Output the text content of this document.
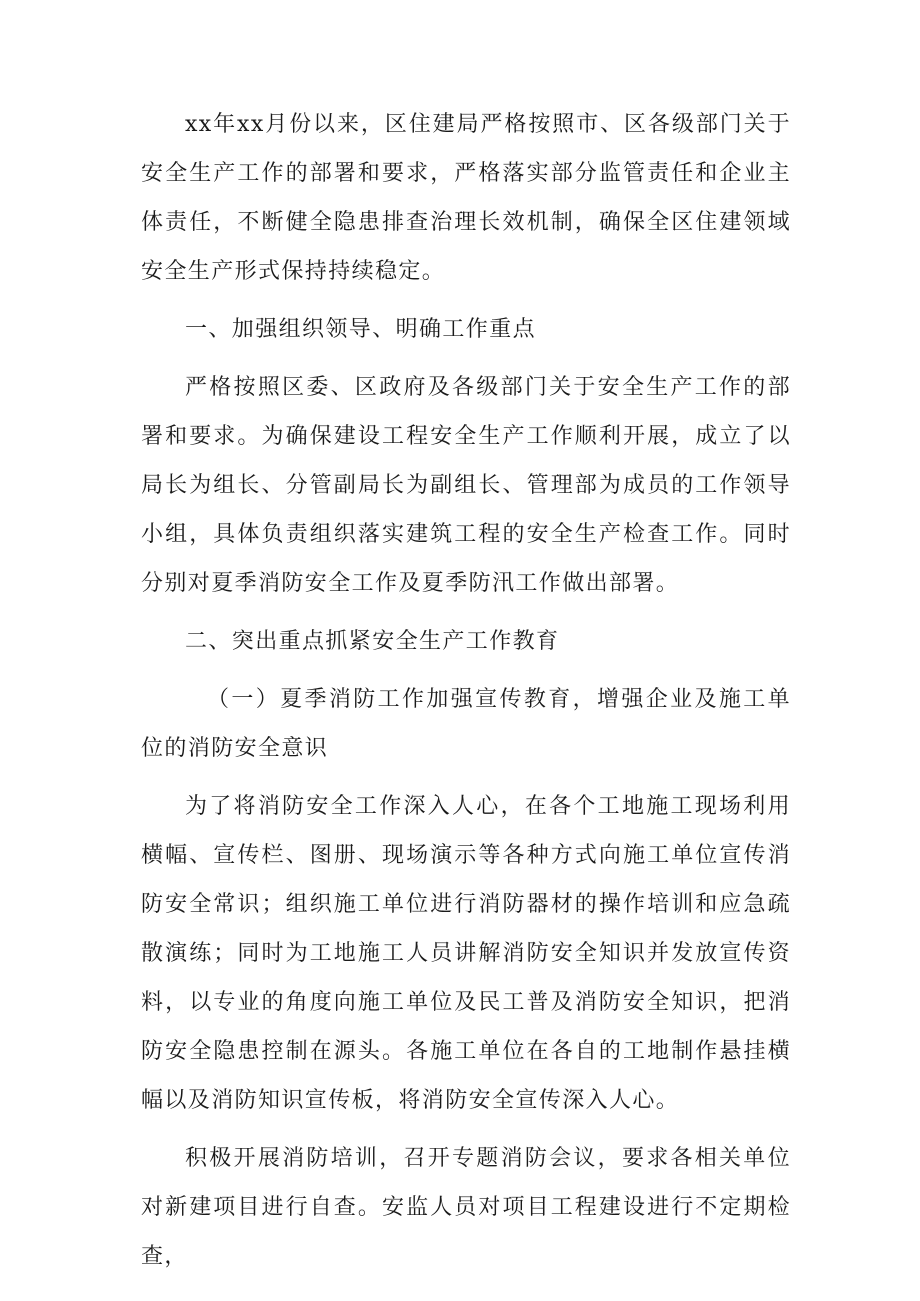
xx年xx月份以来，区住建局严格按照市、区各级部门关于安全生产工作的部署和要求，严格落实部分监管责任和企业主体责任，不断健全隐患排查治理长效机制，确保全区住建领域安全生产形式保持持续稳定。

一、加强组织领导、明确工作重点

严格按照区委、区政府及各级部门关于安全生产工作的部署和要求。为确保建设工程安全生产工作顺利开展，成立了以局长为组长、分管副局长为副组长、管理部为成员的工作领导小组，具体负责组织落实建筑工程的安全生产检查工作。同时分别对夏季消防安全工作及夏季防汛工作做出部署。

二、突出重点抓紧安全生产工作教育

（一）夏季消防工作加强宣传教育，增强企业及施工单位的消防安全意识

为了将消防安全工作深入人心，在各个工地施工现场利用横幅、宣传栏、图册、现场演示等各种方式向施工单位宣传消防安全常识；组织施工单位进行消防器材的操作培训和应急疏散演练；同时为工地施工人员讲解消防安全知识并发放宣传资料，以专业的角度向施工单位及民工普及消防安全知识，把消防安全隐患控制在源头。各施工单位在各自的工地制作悬挂横幅以及消防知识宣传板，将消防安全宣传深入人心。

积极开展消防培训，召开专题消防会议，要求各相关单位对新建项目进行自查。安监人员对项目工程建设进行不定期检查，
